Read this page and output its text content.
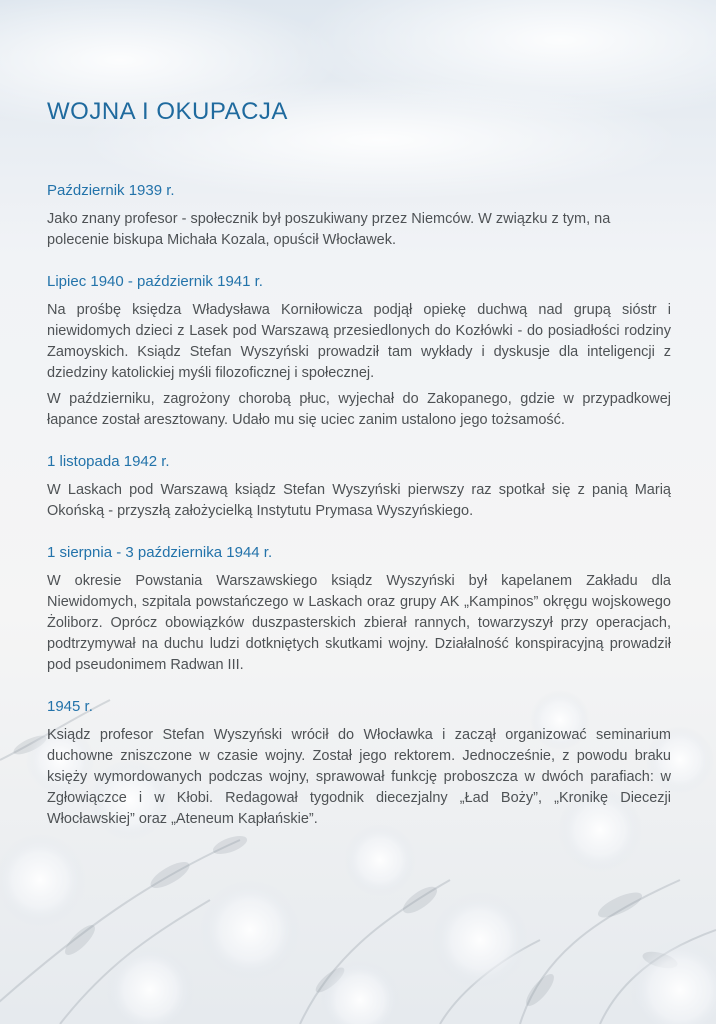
WOJNA I OKUPACJA
Październik 1939 r.

Jako znany profesor - społecznik był poszukiwany przez Niemców. W związku z tym, na polecenie biskupa Michała Kozala, opuścił Włocławek.

Lipiec 1940 - październik 1941 r.

Na prośbę księdza Władysława Korniłowicza podjął opiekę duchwą nad grupą sióstr i niewidomych dzieci z Lasek pod Warszawą przesiedlonych do Kozłówki - do posiadłości rodziny Zamoyskich. Ksiądz Stefan Wyszyński prowadził tam wykłady i dyskusje dla inteligencji z dziedziny katolickiej myśli filozoficznej i społecznej.

W październiku, zagrożony chorobą płuc, wyjechał do Zakopanego, gdzie w przypadkowej łapance został aresztowany. Udało mu się uciec zanim ustalono jego tożsamość.

1 listopada 1942 r.

W Laskach pod Warszawą ksiądz Stefan Wyszyński pierwszy raz spotkał się z panią Marią Okońską - przyszłą założycielką Instytutu Prymasa Wyszyńskiego.

1 sierpnia - 3 października 1944 r.

W okresie Powstania Warszawskiego ksiądz Wyszyński był kapelanem Zakładu dla Niewidomych, szpitala powstańczego w Laskach oraz grupy AK „Kampinos” okręgu wojskowego Żoliborz. Oprócz obowiązków duszpasterskich zbierał rannych, towarzyszył przy operacjach, podtrzymywał na duchu ludzi dotkniętych skutkami wojny. Działalność konspiracyjną prowadził pod pseudonimem Radwan III.

1945 r.

Ksiądz profesor Stefan Wyszyński wrócił do Włocławka i zaczął organizować seminarium duchowne zniszczone w czasie wojny. Został jego rektorem. Jednocześnie, z powodu braku księży wymordowanych podczas wojny, sprawował funkcję proboszcza w dwóch parafiach: w Zgłowiączce i w Kłobi. Redagował tygodnik diecezjalny „Ład Boży”, „Kronikę Diecezji Włocławskiej” oraz „Ateneum Kapłańskie”.
